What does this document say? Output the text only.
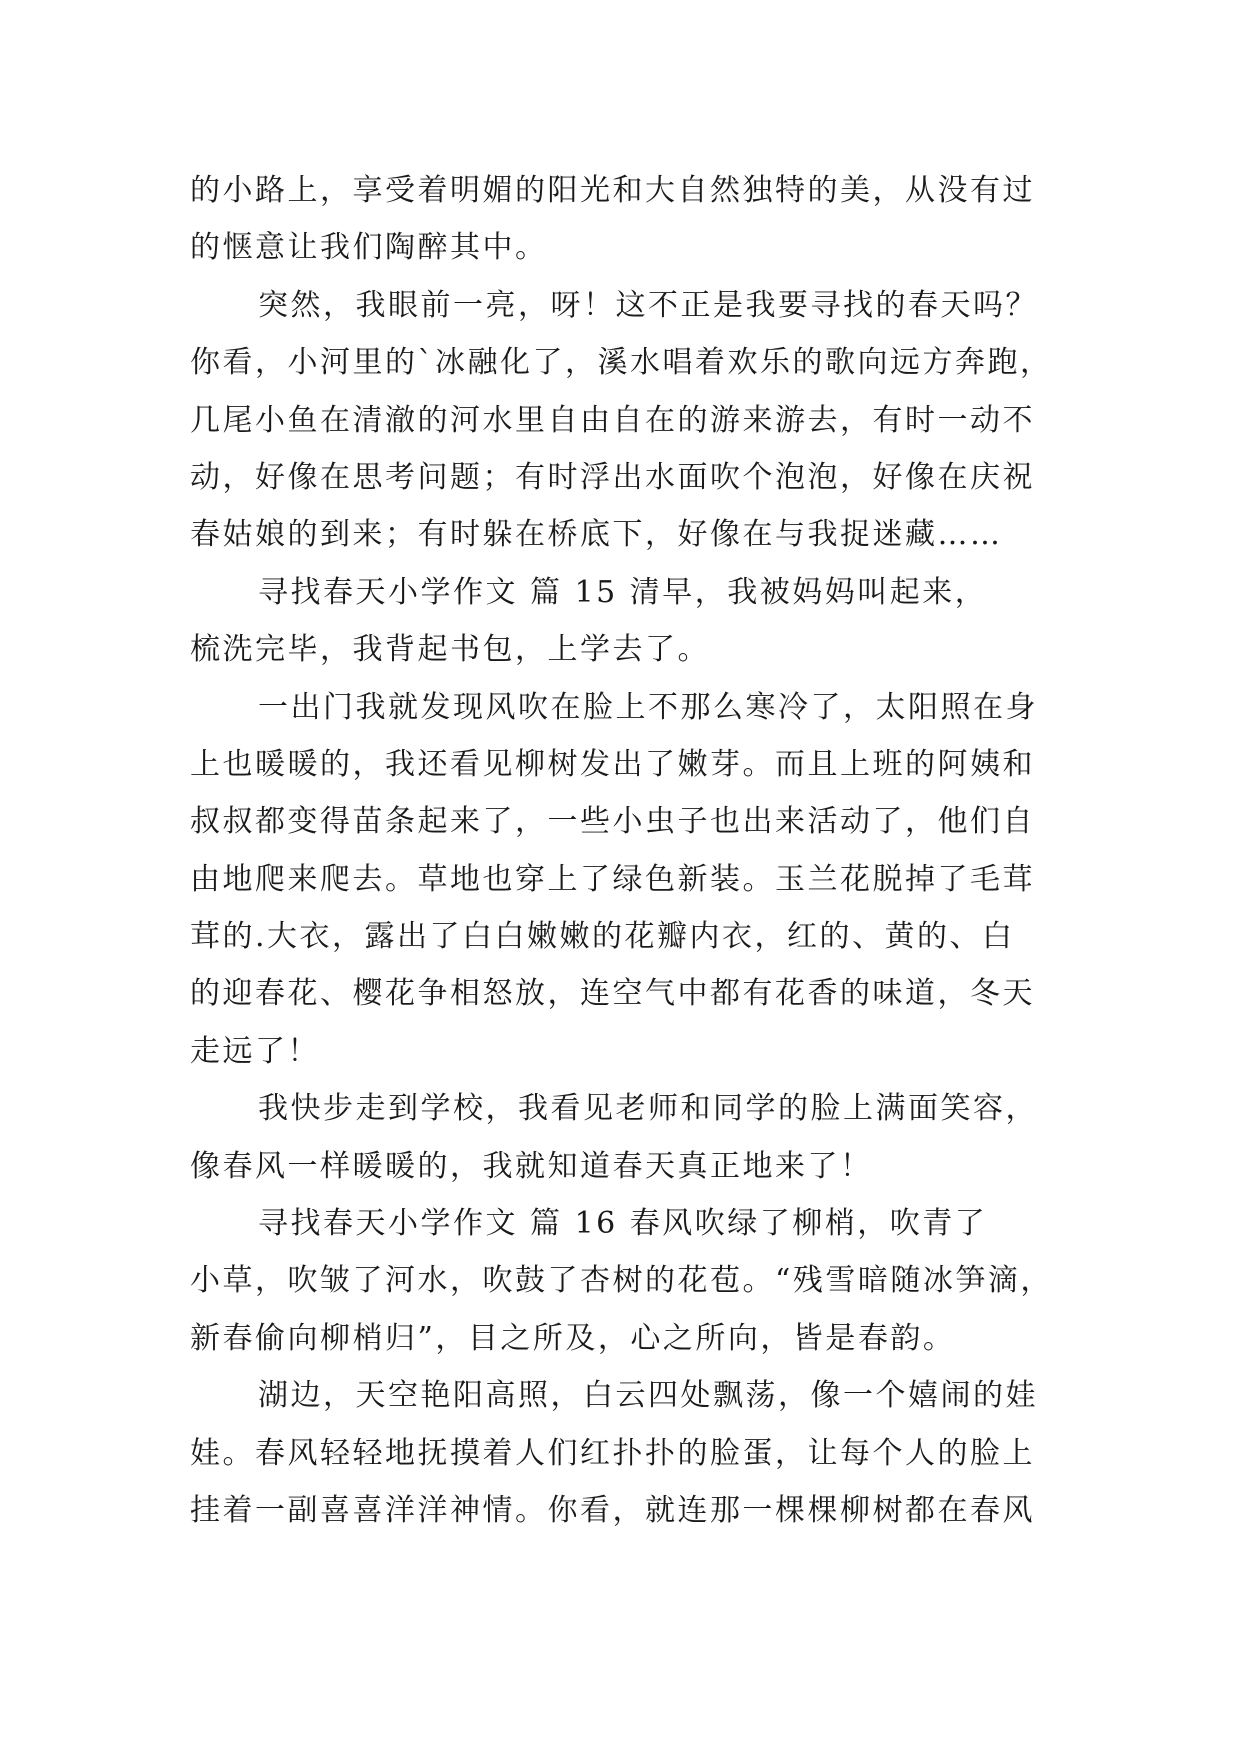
的小路上，享受着明媚的阳光和大自然独特的美，从没有过
的惬意让我们陶醉其中。
突然，我眼前一亮，呀！这不正是我要寻找的春天吗？
你看，小河里的`冰融化了，溪水唱着欢乐的歌向远方奔跑，
几尾小鱼在清澈的河水里自由自在的游来游去，有时一动不
动，好像在思考问题；有时浮出水面吹个泡泡，好像在庆祝
春姑娘的到来；有时躲在桥底下，好像在与我捉迷藏……
寻找春天小学作文 篇 15 清早，我被妈妈叫起来，
梳洗完毕，我背起书包，上学去了。
一出门我就发现风吹在脸上不那么寒冷了，太阳照在身
上也暖暖的，我还看见柳树发出了嫩芽。而且上班的阿姨和
叔叔都变得苗条起来了，一些小虫子也出来活动了，他们自
由地爬来爬去。草地也穿上了绿色新装。玉兰花脱掉了毛茸
茸的.大衣，露出了白白嫩嫩的花瓣内衣，红的、黄的、白
的迎春花、樱花争相怒放，连空气中都有花香的味道，冬天
走远了！
我快步走到学校，我看见老师和同学的脸上满面笑容，
像春风一样暖暖的，我就知道春天真正地来了！
寻找春天小学作文 篇 16 春风吹绿了柳梢，吹青了
小草，吹皱了河水，吹鼓了杏树的花苞。“残雪暗随冰笋滴，
新春偷向柳梢归”，目之所及，心之所向，皆是春韵。
湖边，天空艳阳高照，白云四处飘荡，像一个嬉闹的娃
娃。春风轻轻地抚摸着人们红扑扑的脸蛋，让每个人的脸上
挂着一副喜喜洋洋神情。你看，就连那一棵棵柳树都在春风
